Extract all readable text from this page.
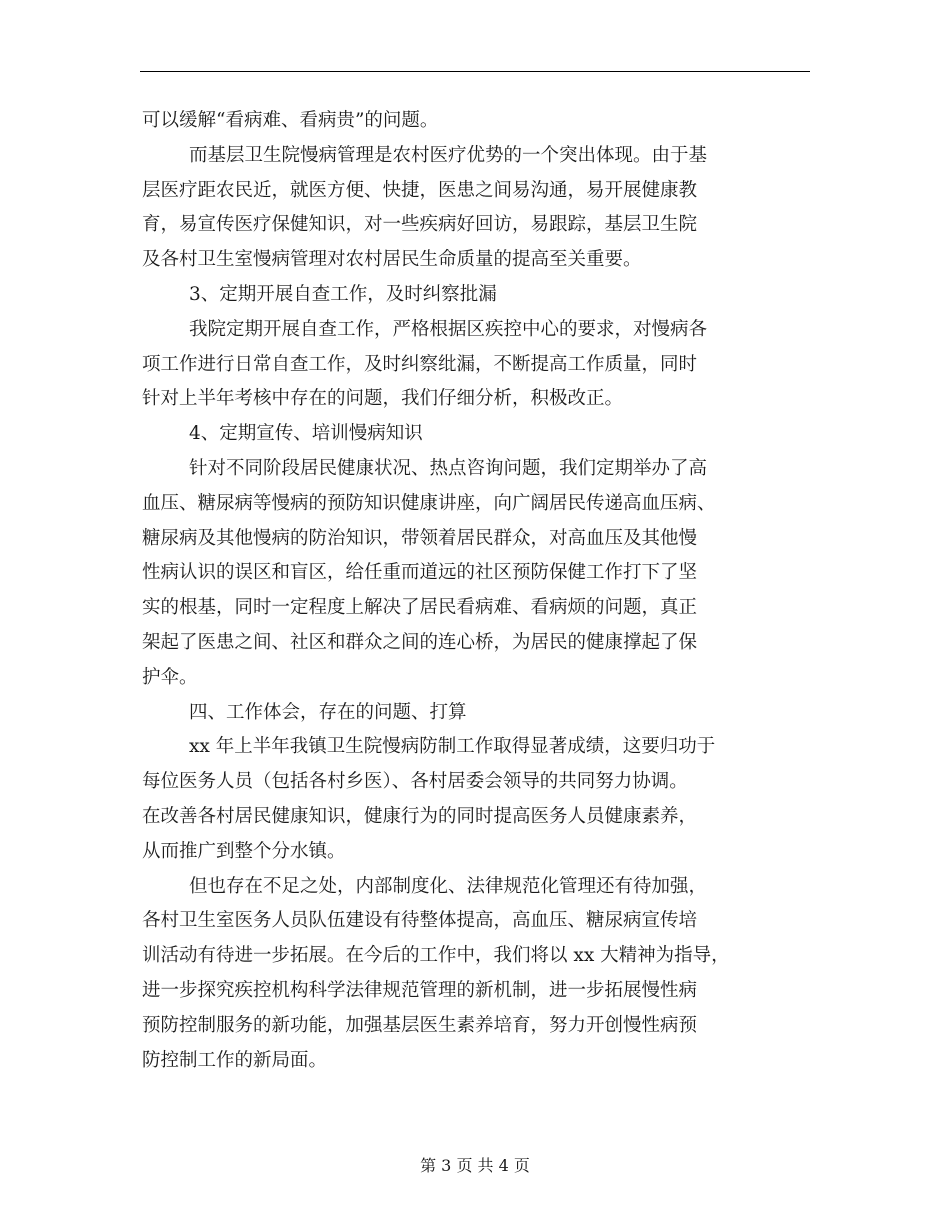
可以缓解“看病难、看病贵”的问题。
而基层卫生院慢病管理是农村医疗优势的一个突出体现。由于基
层医疗距农民近，就医方便、快捷，医患之间易沟通，易开展健康教
育，易宣传医疗保健知识，对一些疾病好回访，易跟踪，基层卫生院
及各村卫生室慢病管理对农村居民生命质量的提高至关重要。
3、定期开展自查工作，及时纠察批漏
我院定期开展自查工作，严格根据区疾控中心的要求，对慢病各
项工作进行日常自查工作，及时纠察纰漏，不断提高工作质量，同时
针对上半年考核中存在的问题，我们仔细分析，积极改正。
4、定期宣传、培训慢病知识
针对不同阶段居民健康状况、热点咨询问题，我们定期举办了高
血压、糖尿病等慢病的预防知识健康讲座，向广阔居民传递高血压病、
糖尿病及其他慢病的防治知识，带领着居民群众，对高血压及其他慢
性病认识的误区和盲区，给任重而道远的社区预防保健工作打下了坚
实的根基，同时一定程度上解决了居民看病难、看病烦的问题，真正
架起了医患之间、社区和群众之间的连心桥，为居民的健康撑起了保
护伞。
四、工作体会，存在的问题、打算
xx 年上半年我镇卫生院慢病防制工作取得显著成绩，这要归功于
每位医务人员（包括各村乡医）、各村居委会领导的共同努力协调。
在改善各村居民健康知识，健康行为的同时提高医务人员健康素养，
从而推广到整个分水镇。
但也存在不足之处，内部制度化、法律规范化管理还有待加强，
各村卫生室医务人员队伍建设有待整体提高，高血压、糖尿病宣传培
训活动有待进一步拓展。在今后的工作中，我们将以 xx 大精神为指导，
进一步探究疾控机构科学法律规范管理的新机制，进一步拓展慢性病
预防控制服务的新功能，加强基层医生素养培育，努力开创慢性病预
防控制工作的新局面。
第 3 页 共 4 页
